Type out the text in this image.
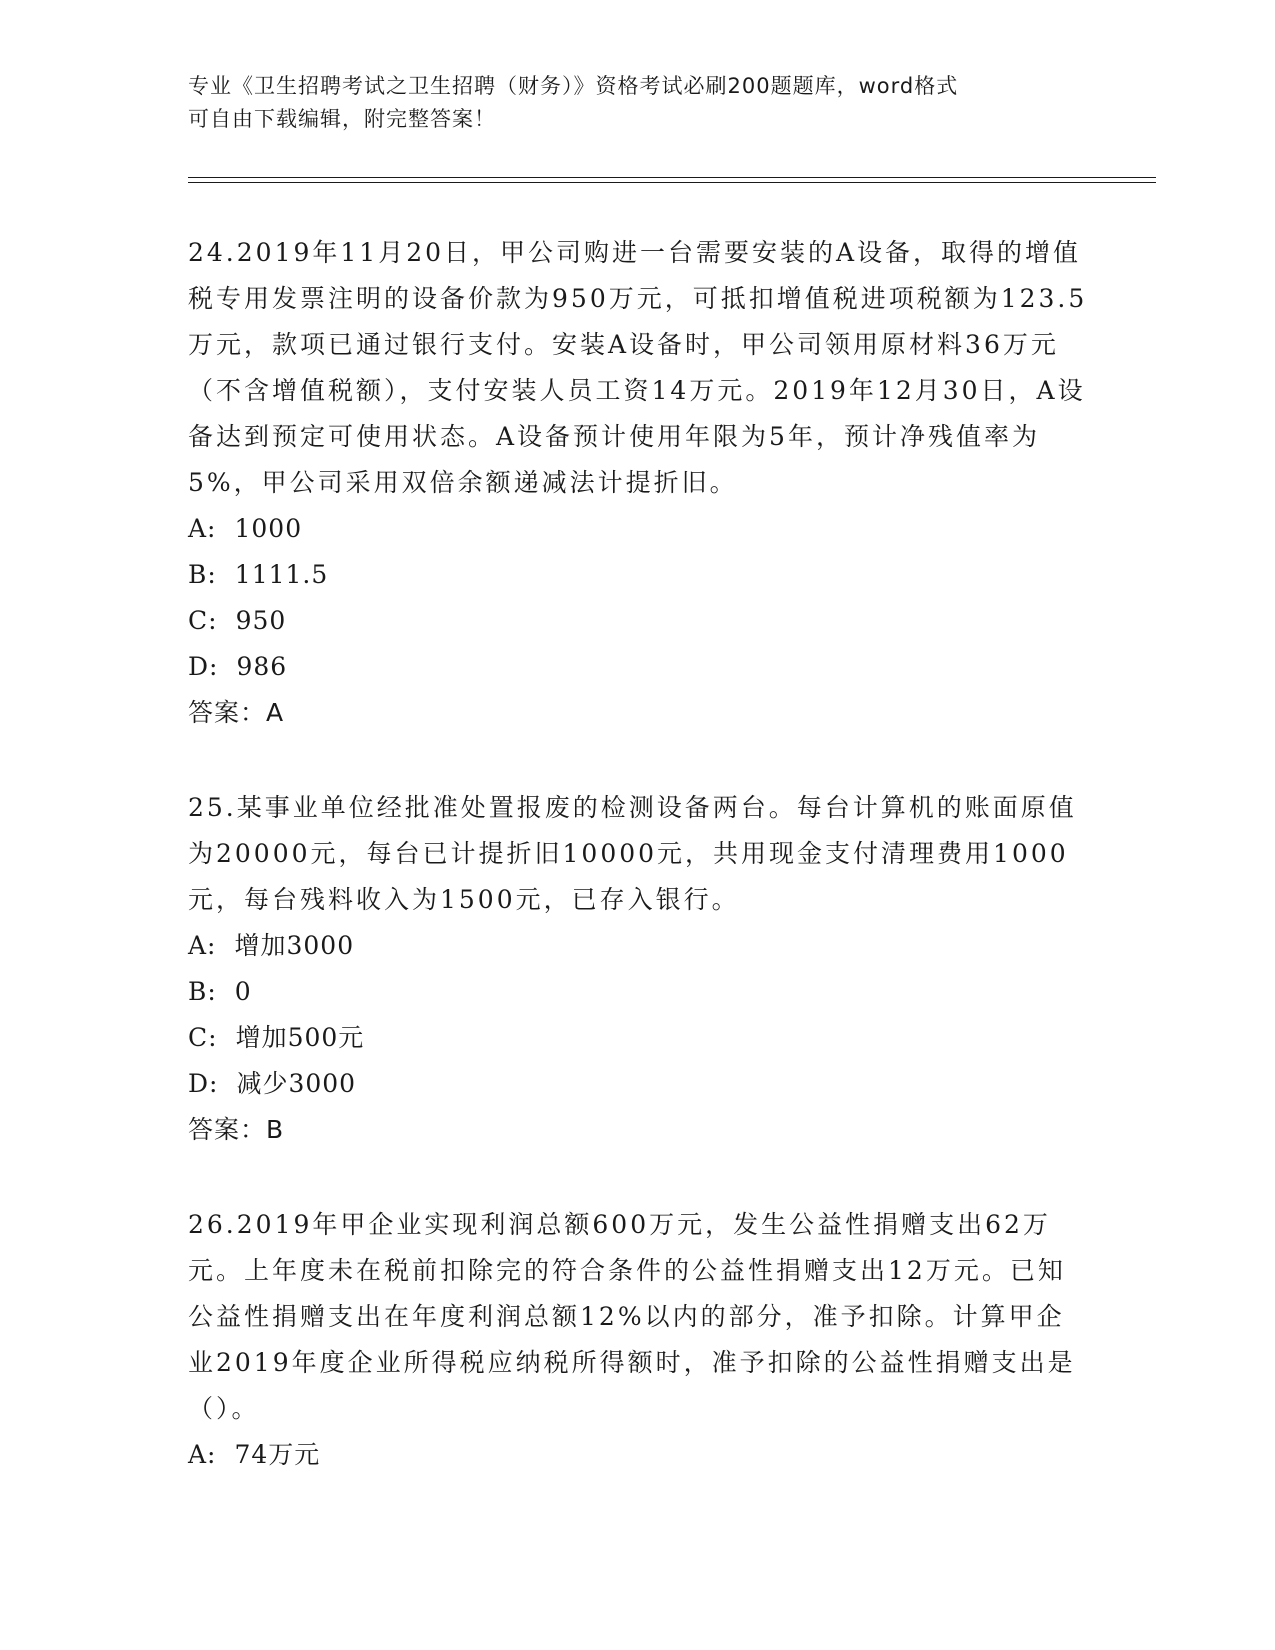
专业《卫生招聘考试之卫生招聘（财务）》资格考试必刷200题题库，word格式
可自由下载编辑，附完整答案！

24.2019年11月20日，甲公司购进一台需要安装的A设备，取得的增值税专用发票注明的设备价款为950万元，可抵扣增值税进项税额为123.5万元，款项已通过银行支付。安装A设备时，甲公司领用原材料36万元（不含增值税额），支付安装人员工资14万元。2019年12月30日，A设备达到预定可使用状态。A设备预计使用年限为5年，预计净残值率为5%，甲公司采用双倍余额递减法计提折旧。

A: 1000
B: 1111.5
C: 950
D: 986

答案：A

25.某事业单位经批准处置报废的检测设备两台。每台计算机的账面原值为20000元，每台已计提折旧10000元，共用现金支付清理费用1000元，每台残料收入为1500元，已存入银行。

A: 增加3000
B: 0
C: 增加500元
D: 减少3000

答案：B

26.2019年甲企业实现利润总额600万元，发生公益性捐赠支出62万元。上年度未在税前扣除完的符合条件的公益性捐赠支出12万元。已知公益性捐赠支出在年度利润总额12%以内的部分，准予扣除。计算甲企业2019年度企业所得税应纳税所得额时，准予扣除的公益性捐赠支出是（）。

A: 74万元
